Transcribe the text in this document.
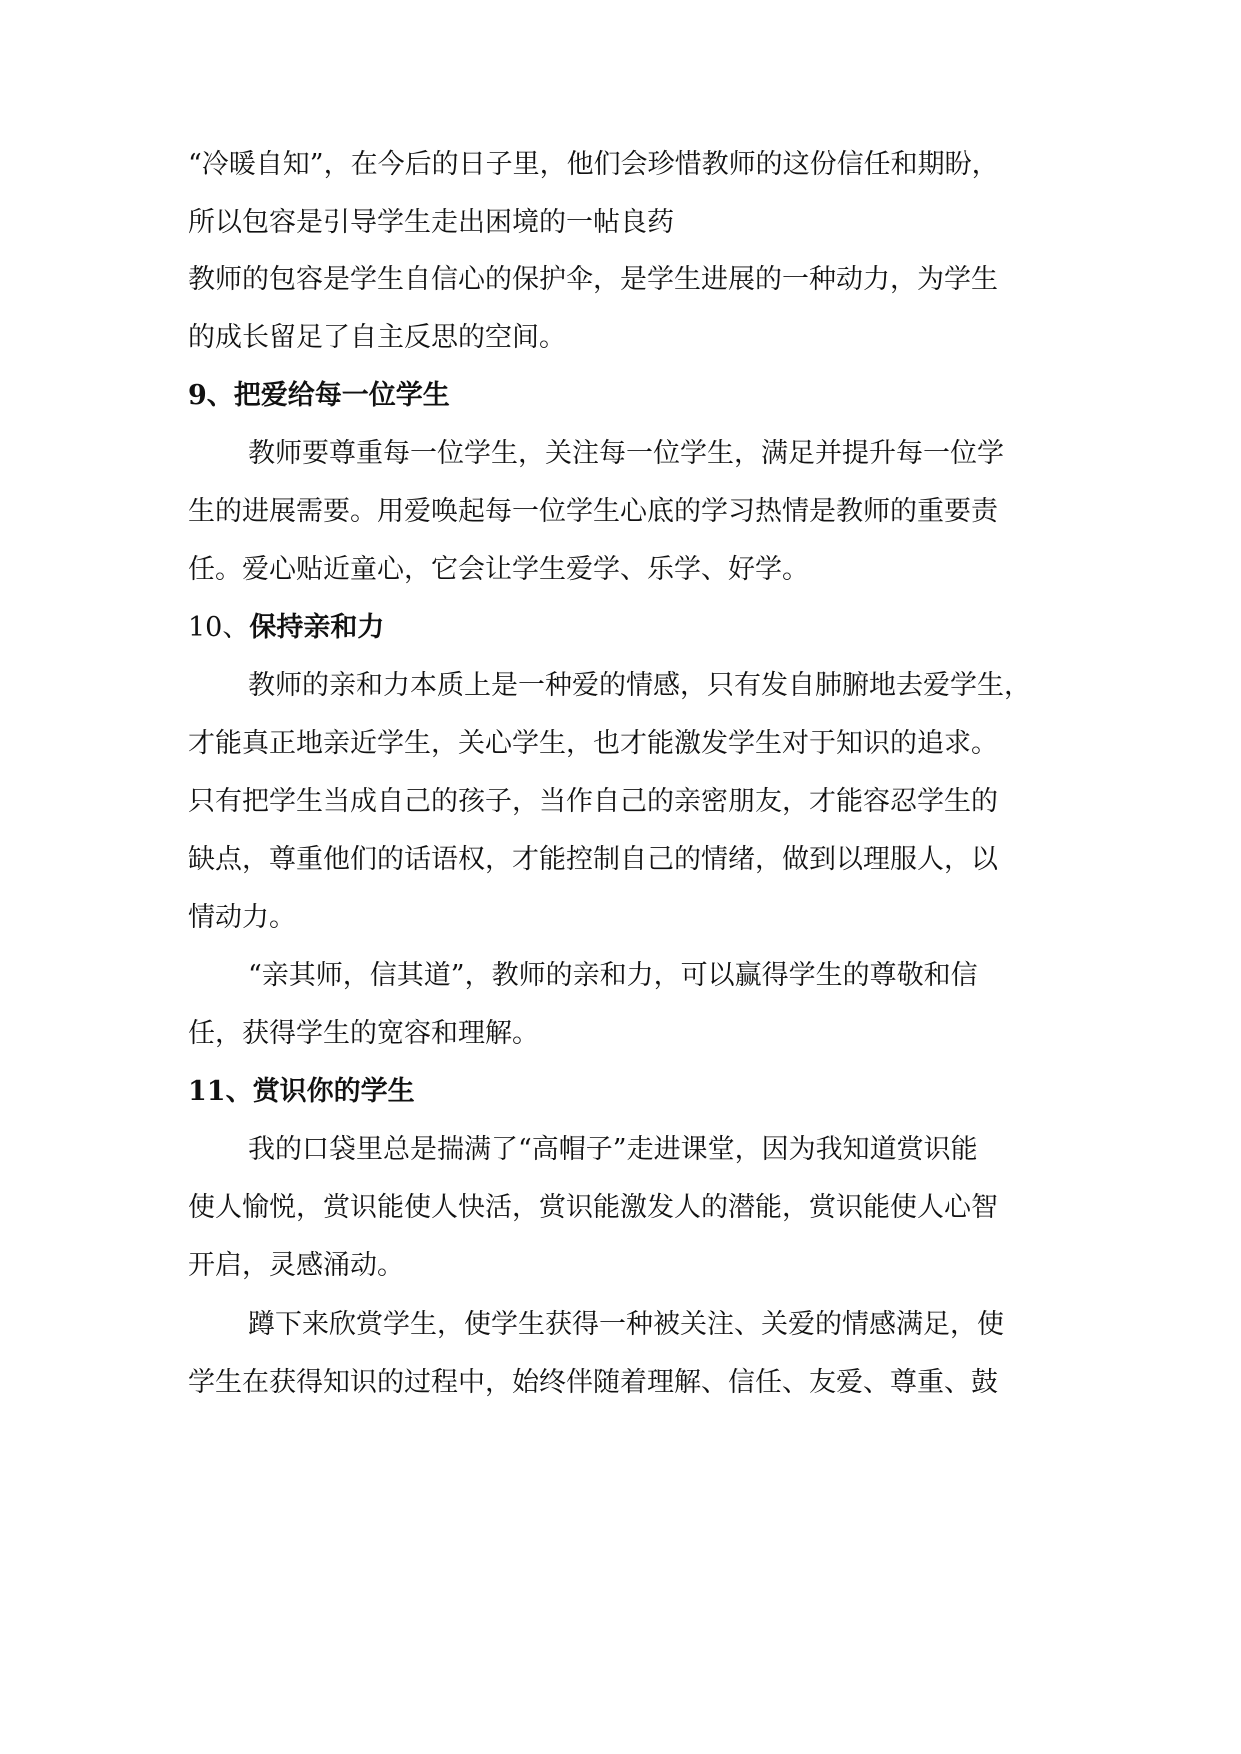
“冷暖自知”，在今后的日子里，他们会珍惜教师的这份信任和期盼，
所以包容是引导学生走出困境的一帖良药
教师的包容是学生自信心的保护伞，是学生进展的一种动力，为学生
的成长留足了自主反思的空间。
9、把爱给每一位学生
教师要尊重每一位学生，关注每一位学生，满足并提升每一位学
生的进展需要。用爱唤起每一位学生心底的学习热情是教师的重要责
任。爱心贴近童心，它会让学生爱学、乐学、好学。
10、保持亲和力
教师的亲和力本质上是一种爱的情感，只有发自肺腑地去爱学生，
才能真正地亲近学生，关心学生，也才能激发学生对于知识的追求。
只有把学生当成自己的孩子，当作自己的亲密朋友，才能容忍学生的
缺点，尊重他们的话语权，才能控制自己的情绪，做到以理服人，以
情动力。
“亲其师，信其道”，教师的亲和力，可以赢得学生的尊敬和信
任，获得学生的宽容和理解。
11、赏识你的学生
我的口袋里总是揣满了“高帽子”走进课堂，因为我知道赏识能
使人愉悦，赏识能使人快活，赏识能激发人的潜能，赏识能使人心智
开启，灵感涌动。
蹲下来欣赏学生，使学生获得一种被关注、关爱的情感满足，使
学生在获得知识的过程中，始终伴随着理解、信任、友爱、尊重、鼓
